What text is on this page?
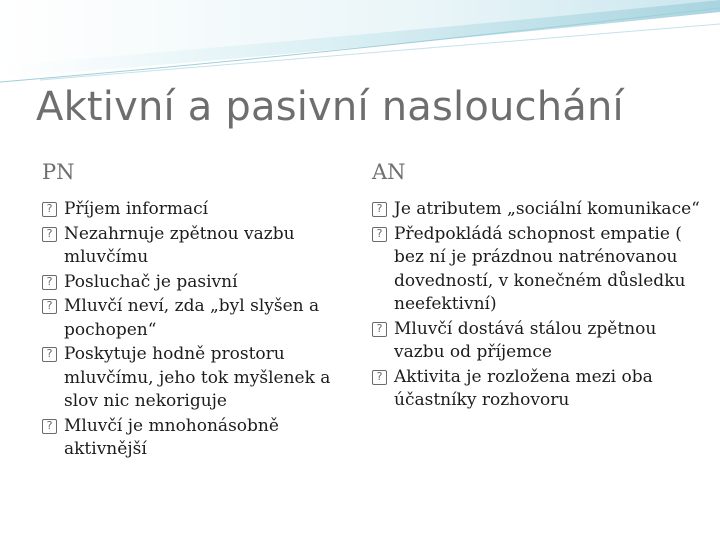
Aktivní a pasivní naslouchání
PN	AN
? Příjem informací
? Nezahrnuje zpětnou vazbu mluvčímu
? Posluchač je pasivní
? Mluvčí neví, zda „byl slyšen a pochopen“
? Poskytuje hodně prostoru mluvčímu, jeho tok myšlenek a slov nic nekoriguje
? Mluvčí je mnohonásobně aktivnější
? Je atributem „sociální komunikace“
? Předpokládá schopnost empatie ( bez ní je prázdnou natrénovanou dovedností, v konečném důsledku neefektivní)
? Mluvčí dostává stálou zpětnou vazbu od příjemce
? Aktivita je rozložena mezi oba účastníky rozhovoru
